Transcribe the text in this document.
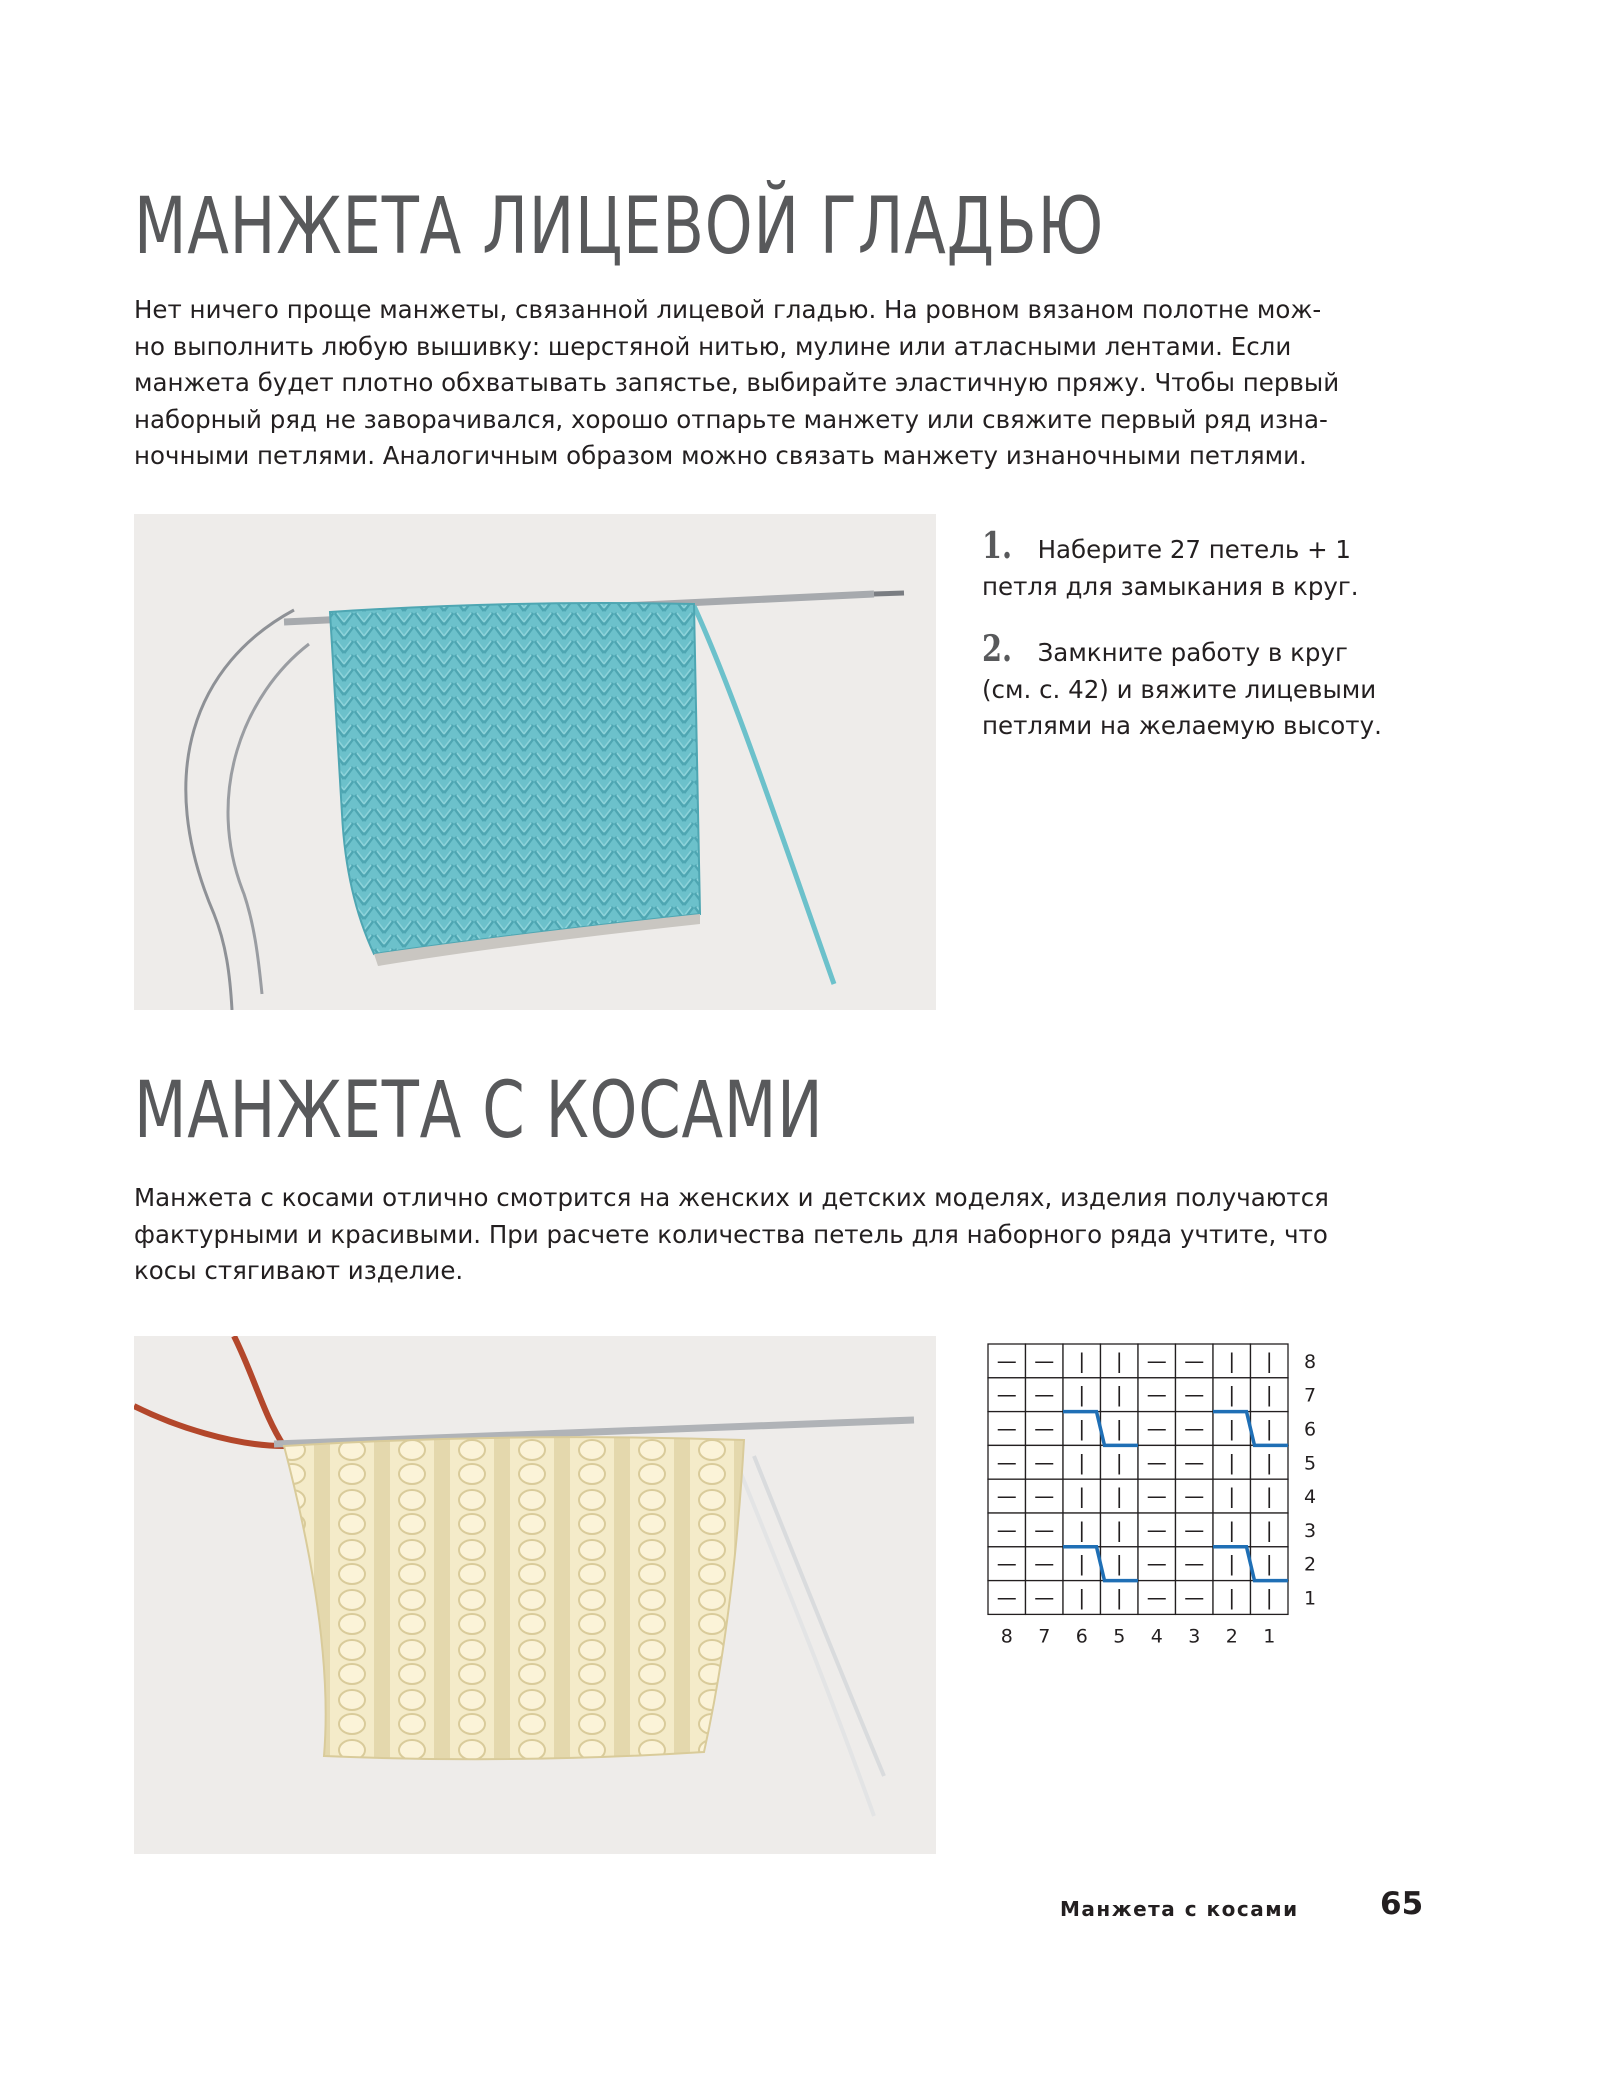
МАНЖЕТА ЛИЦЕВОЙ ГЛАДЬЮ
Нет ничего проще манжеты, связанной лицевой гладью. На ровном вязаном полотне мож-
но выполнить любую вышивку: шерстяной нитью, мулине или атласными лентами. Если
манжета будет плотно обхватывать запястье, выбирайте эластичную пряжу. Чтобы первый
наборный ряд не заворачивался, хорошо отпарьте манжету или свяжите первый ряд изна-
ночными петлями. Аналогичным образом можно связать манжету изнаночными петлями.
1. Наберите 27 петель + 1
петля для замыкания в круг.
2. Замкните работу в круг
(см. с. 42) и вяжите лицевыми
петлями на желаемую высоту.
МАНЖЕТА С КОСАМИ
Манжета с косами отлично смотрится на женских и детских моделях, изделия получаются
фактурными и красивыми. При расчете количества петель для наборного ряда учтите, что
косы стягивают изделие.
— — | | — — | |
— — | | — — | |
— — | | — — | |
— — | | — — | |
— — | | — — | |
— — | | — — | |
— — | | — — | |
— — | | — — | |
8
7
6
5
4
3
2
1
8 7 6 5 4 3 2 1
Манжета с косами	65
